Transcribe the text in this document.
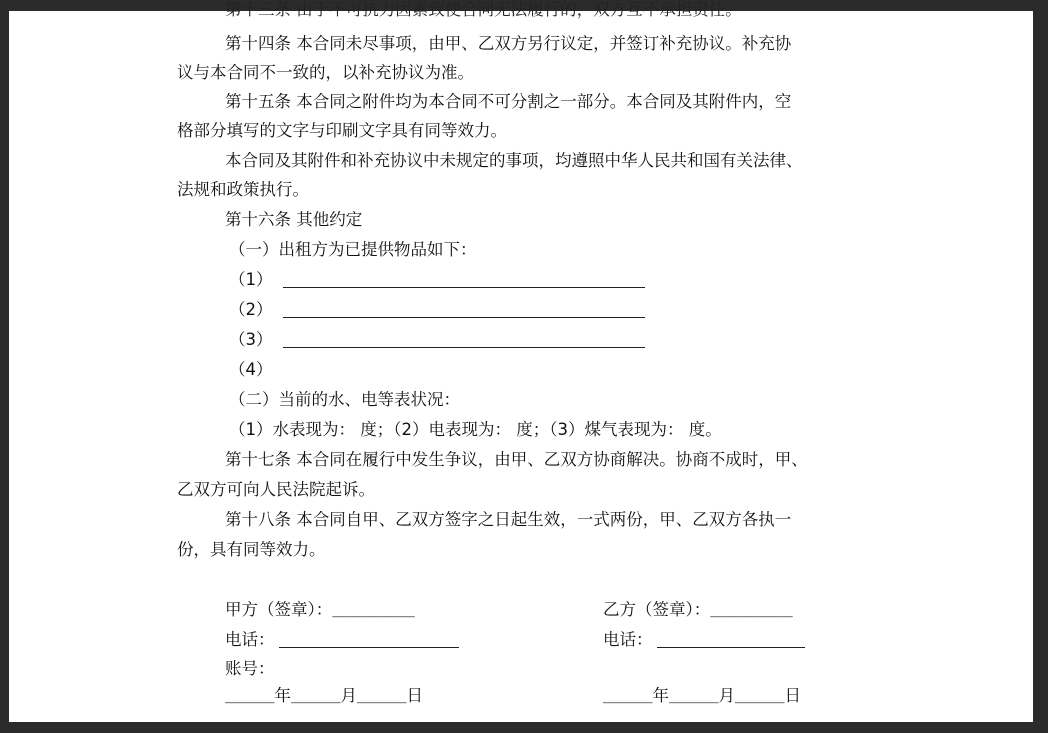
第十三条 由于不可抗力因素致使合同无法履行的，双方互不承担责任。
第十四条 本合同未尽事项，由甲、乙双方另行议定，并签订补充协议。补充协
议与本合同不一致的，以补充协议为准。
第十五条 本合同之附件均为本合同不可分割之一部分。本合同及其附件内，空
格部分填写的文字与印刷文字具有同等效力。
本合同及其附件和补充协议中未规定的事项，均遵照中华人民共和国有关法律、
法规和政策执行。
第十六条 其他约定
（一）出租方为已提供物品如下：
（1）
（2）
（3）
（4）
（二）当前的水、电等表状况：
（1）水表现为： 度；（2）电表现为： 度；（3）煤气表现为： 度。
第十七条 本合同在履行中发生争议，由甲、乙双方协商解决。协商不成时，甲、
乙双方可向人民法院起诉。
第十八条 本合同自甲、乙双方签字之日起生效，一式两份，甲、乙双方各执一
份，具有同等效力。
甲方（签章）：＿＿＿＿＿	乙方（签章）：＿＿＿＿＿
电话：	电话：
账号：
＿＿＿年＿＿＿月＿＿＿日	＿＿＿年＿＿＿月＿＿＿日
